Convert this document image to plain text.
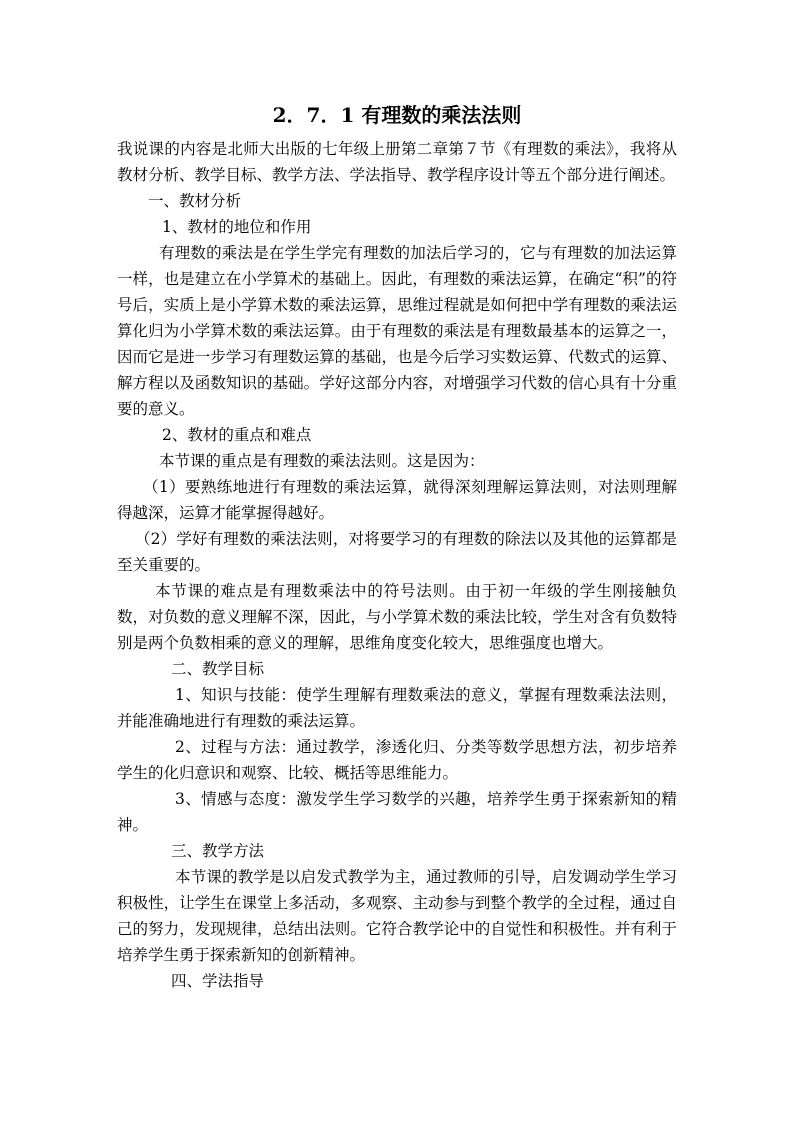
2．7．1 有理数的乘法法则

我说课的内容是北师大出版的七年级上册第二章第７节《有理数的乘法》，我将从教材分析、教学目标、教学方法、学法指导、教学程序设计等五个部分进行阐述。

一、教材分析

1、教材的地位和作用

有理数的乘法是在学生学完有理数的加法后学习的，它与有理数的加法运算一样，也是建立在小学算术的基础上。因此，有理数的乘法运算，在确定“积”的符号后，实质上是小学算术数的乘法运算，思维过程就是如何把中学有理数的乘法运算化归为小学算术数的乘法运算。由于有理数的乘法是有理数最基本的运算之一，因而它是进一步学习有理数运算的基础，也是今后学习实数运算、代数式的运算、解方程以及函数知识的基础。学好这部分内容，对增强学习代数的信心具有十分重要的意义。

2、教材的重点和难点

本节课的重点是有理数的乘法法则。这是因为：

（1）要熟练地进行有理数的乘法运算，就得深刻理解运算法则，对法则理解得越深，运算才能掌握得越好。

（2）学好有理数的乘法法则，对将要学习的有理数的除法以及其他的运算都是至关重要的。

本节课的难点是有理数乘法中的符号法则。由于初一年级的学生刚接触负数，对负数的意义理解不深，因此，与小学算术数的乘法比较，学生对含有负数特别是两个负数相乘的意义的理解，思维角度变化较大，思维强度也增大。

二、教学目标

1、知识与技能：使学生理解有理数乘法的意义，掌握有理数乘法法则，并能准确地进行有理数的乘法运算。

2、过程与方法：通过教学，渗透化归、分类等数学思想方法，初步培养学生的化归意识和观察、比较、概括等思维能力。

3、情感与态度：激发学生学习数学的兴趣，培养学生勇于探索新知的精神。

三、教学方法

本节课的教学是以启发式教学为主，通过教师的引导，启发调动学生学习积极性，让学生在课堂上多活动，多观察、主动参与到整个教学的全过程，通过自己的努力，发现规律，总结出法则。它符合教学论中的自觉性和积极性。并有利于培养学生勇于探索新知的创新精神。

四、学法指导
